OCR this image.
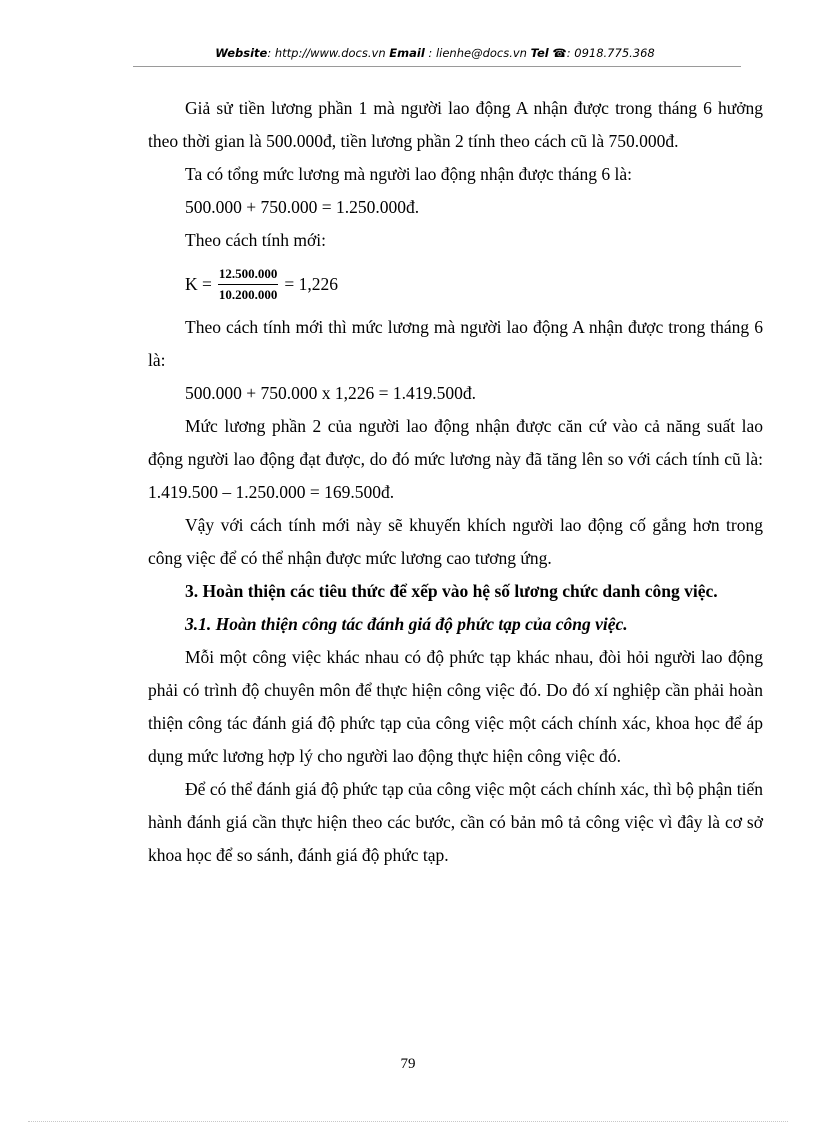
Website: http://www.docs.vn Email : lienhe@docs.vn Tel ☎: 0918.775.368

Giả sử tiền lương phần 1 mà người lao động A nhận được trong tháng 6 hưởng theo thời gian là 500.000đ, tiền lương phần 2 tính theo cách cũ là 750.000đ.

Ta có tổng mức lương mà người lao động nhận được tháng 6 là:

500.000 + 750.000 = 1.250.000đ.

Theo cách tính mới:

$K = \frac{12.500.000}{10.200.000} = 1,226$

Theo cách tính mới thì mức lương mà người lao động A nhận được trong tháng 6 là:

500.000 + 750.000 x 1,226 = 1.419.500đ.

Mức lương phần 2 của người lao động nhận được căn cứ vào cả năng suất lao động người lao động đạt được, do đó mức lương này đã tăng lên so với cách tính cũ là: 1.419.500 – 1.250.000 = 169.500đ.

Vậy với cách tính mới này sẽ khuyến khích người lao động cố gắng hơn trong công việc để có thể nhận được mức lương cao tương ứng.

3. Hoàn thiện các tiêu thức để xếp vào hệ số lương chức danh công việc.

3.1. Hoàn thiện công tác đánh giá độ phức tạp của công việc.

Mỗi một công việc khác nhau có độ phức tạp khác nhau, đòi hỏi người lao động phải có trình độ chuyên môn để thực hiện công việc đó. Do đó xí nghiệp cần phải hoàn thiện công tác đánh giá độ phức tạp của công việc một cách chính xác, khoa học để áp dụng mức lương hợp lý cho người lao động thực hiện công việc đó.

Để có thể đánh giá độ phức tạp của công việc một cách chính xác, thì bộ phận tiến hành đánh giá cần thực hiện theo các bước, cần có bản mô tả công việc vì đây là cơ sở khoa học để so sánh, đánh giá độ phức tạp.

79
